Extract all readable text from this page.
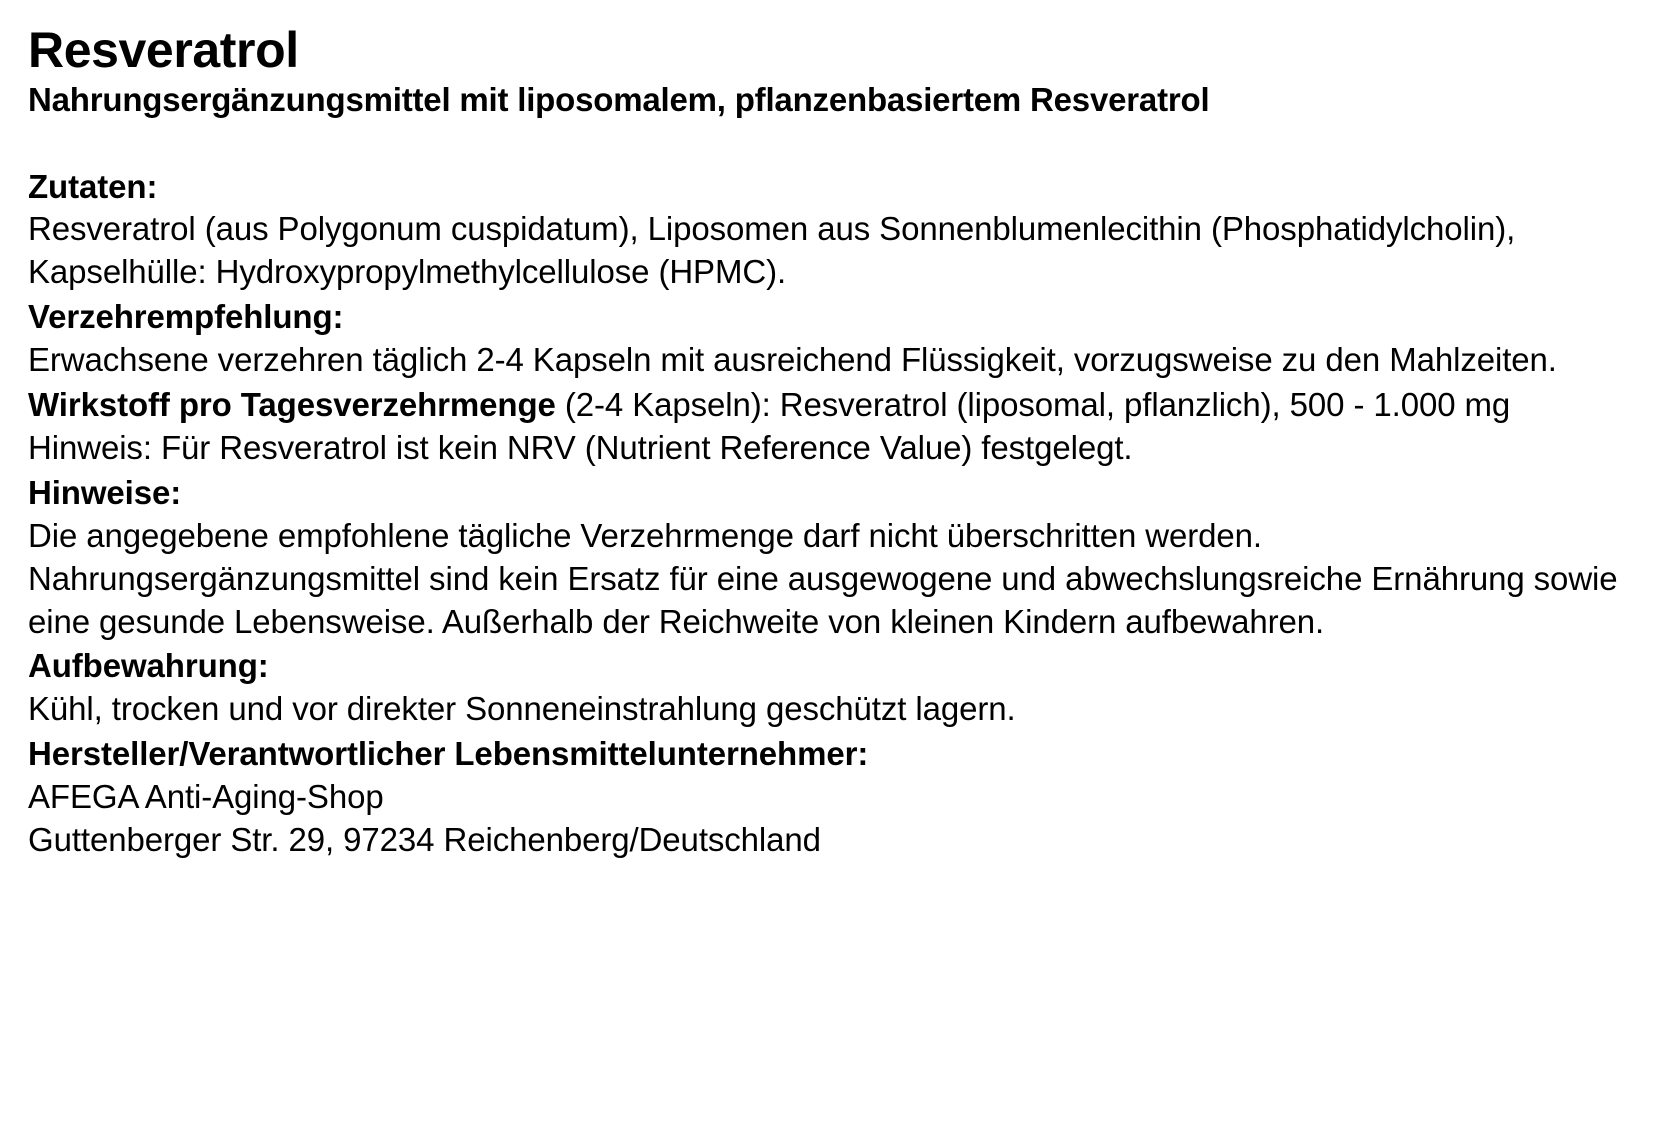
Resveratrol
Nahrungsergänzungsmittel mit liposomalem, pflanzenbasiertem Resveratrol

Zutaten:

Resveratrol (aus Polygonum cuspidatum), Liposomen aus Sonnenblumenlecithin (Phosphatidylcholin), Kapselhülle: Hydroxypropylmethylcellulose (HPMC).

Verzehrempfehlung:

Erwachsene verzehren täglich 2-4 Kapseln mit ausreichend Flüssigkeit, vorzugsweise zu den Mahlzeiten.

Wirkstoff pro Tagesverzehrmenge (2-4 Kapseln): Resveratrol (liposomal, pflanzlich), 500 - 1.000 mg

Hinweis: Für Resveratrol ist kein NRV (Nutrient Reference Value) festgelegt.

Hinweise:

Die angegebene empfohlene tägliche Verzehrmenge darf nicht überschritten werden. Nahrungsergänzungsmittel sind kein Ersatz für eine ausgewogene und abwechslungsreiche Ernährung sowie eine gesunde Lebensweise. Außerhalb der Reichweite von kleinen Kindern aufbewahren.

Aufbewahrung:

Kühl, trocken und vor direkter Sonneneinstrahlung geschützt lagern.

Hersteller/Verantwortlicher Lebensmittelunternehmer:

AFEGA Anti-Aging-Shop

Guttenberger Str. 29, 97234 Reichenberg/Deutschland
